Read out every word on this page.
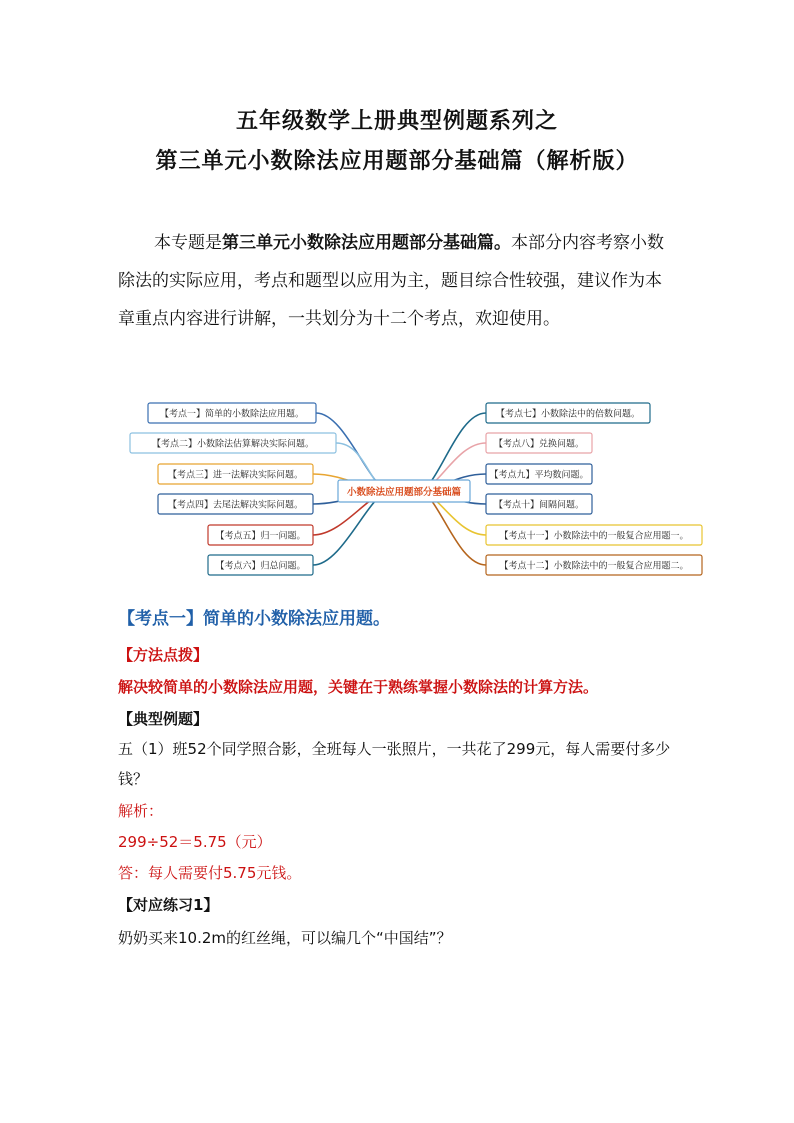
五年级数学上册典型例题系列之
第三单元小数除法应用题部分基础篇（解析版）
本专题是第三单元小数除法应用题部分基础篇。本部分内容考察小数除法的实际应用，考点和题型以应用为主，题目综合性较强，建议作为本章重点内容进行讲解，一共划分为十二个考点，欢迎使用。
小数除法应用题部分基础篇
【考点一】简单的小数除法应用题。
【考点二】小数除法估算解决实际问题。
【考点三】进一法解决实际问题。
【考点四】去尾法解决实际问题。
【考点五】归一问题。
【考点六】归总问题。
【考点七】小数除法中的倍数问题。
【考点八】兑换问题。
【考点九】平均数问题。
【考点十】间隔问题。
【考点十一】小数除法中的一般复合应用题一。
【考点十二】小数除法中的一般复合应用题二。
【考点一】简单的小数除法应用题。
【方法点拨】
解决较简单的小数除法应用题，关键在于熟练掌握小数除法的计算方法。
【典型例题】
五（1）班52个同学照合影，全班每人一张照片，一共花了299元，每人需要付多少钱？
解析：
299÷52＝5.75（元）
答：每人需要付5.75元钱。
【对应练习1】
奶奶买来10.2m的红丝绳，可以编几个“中国结”？
